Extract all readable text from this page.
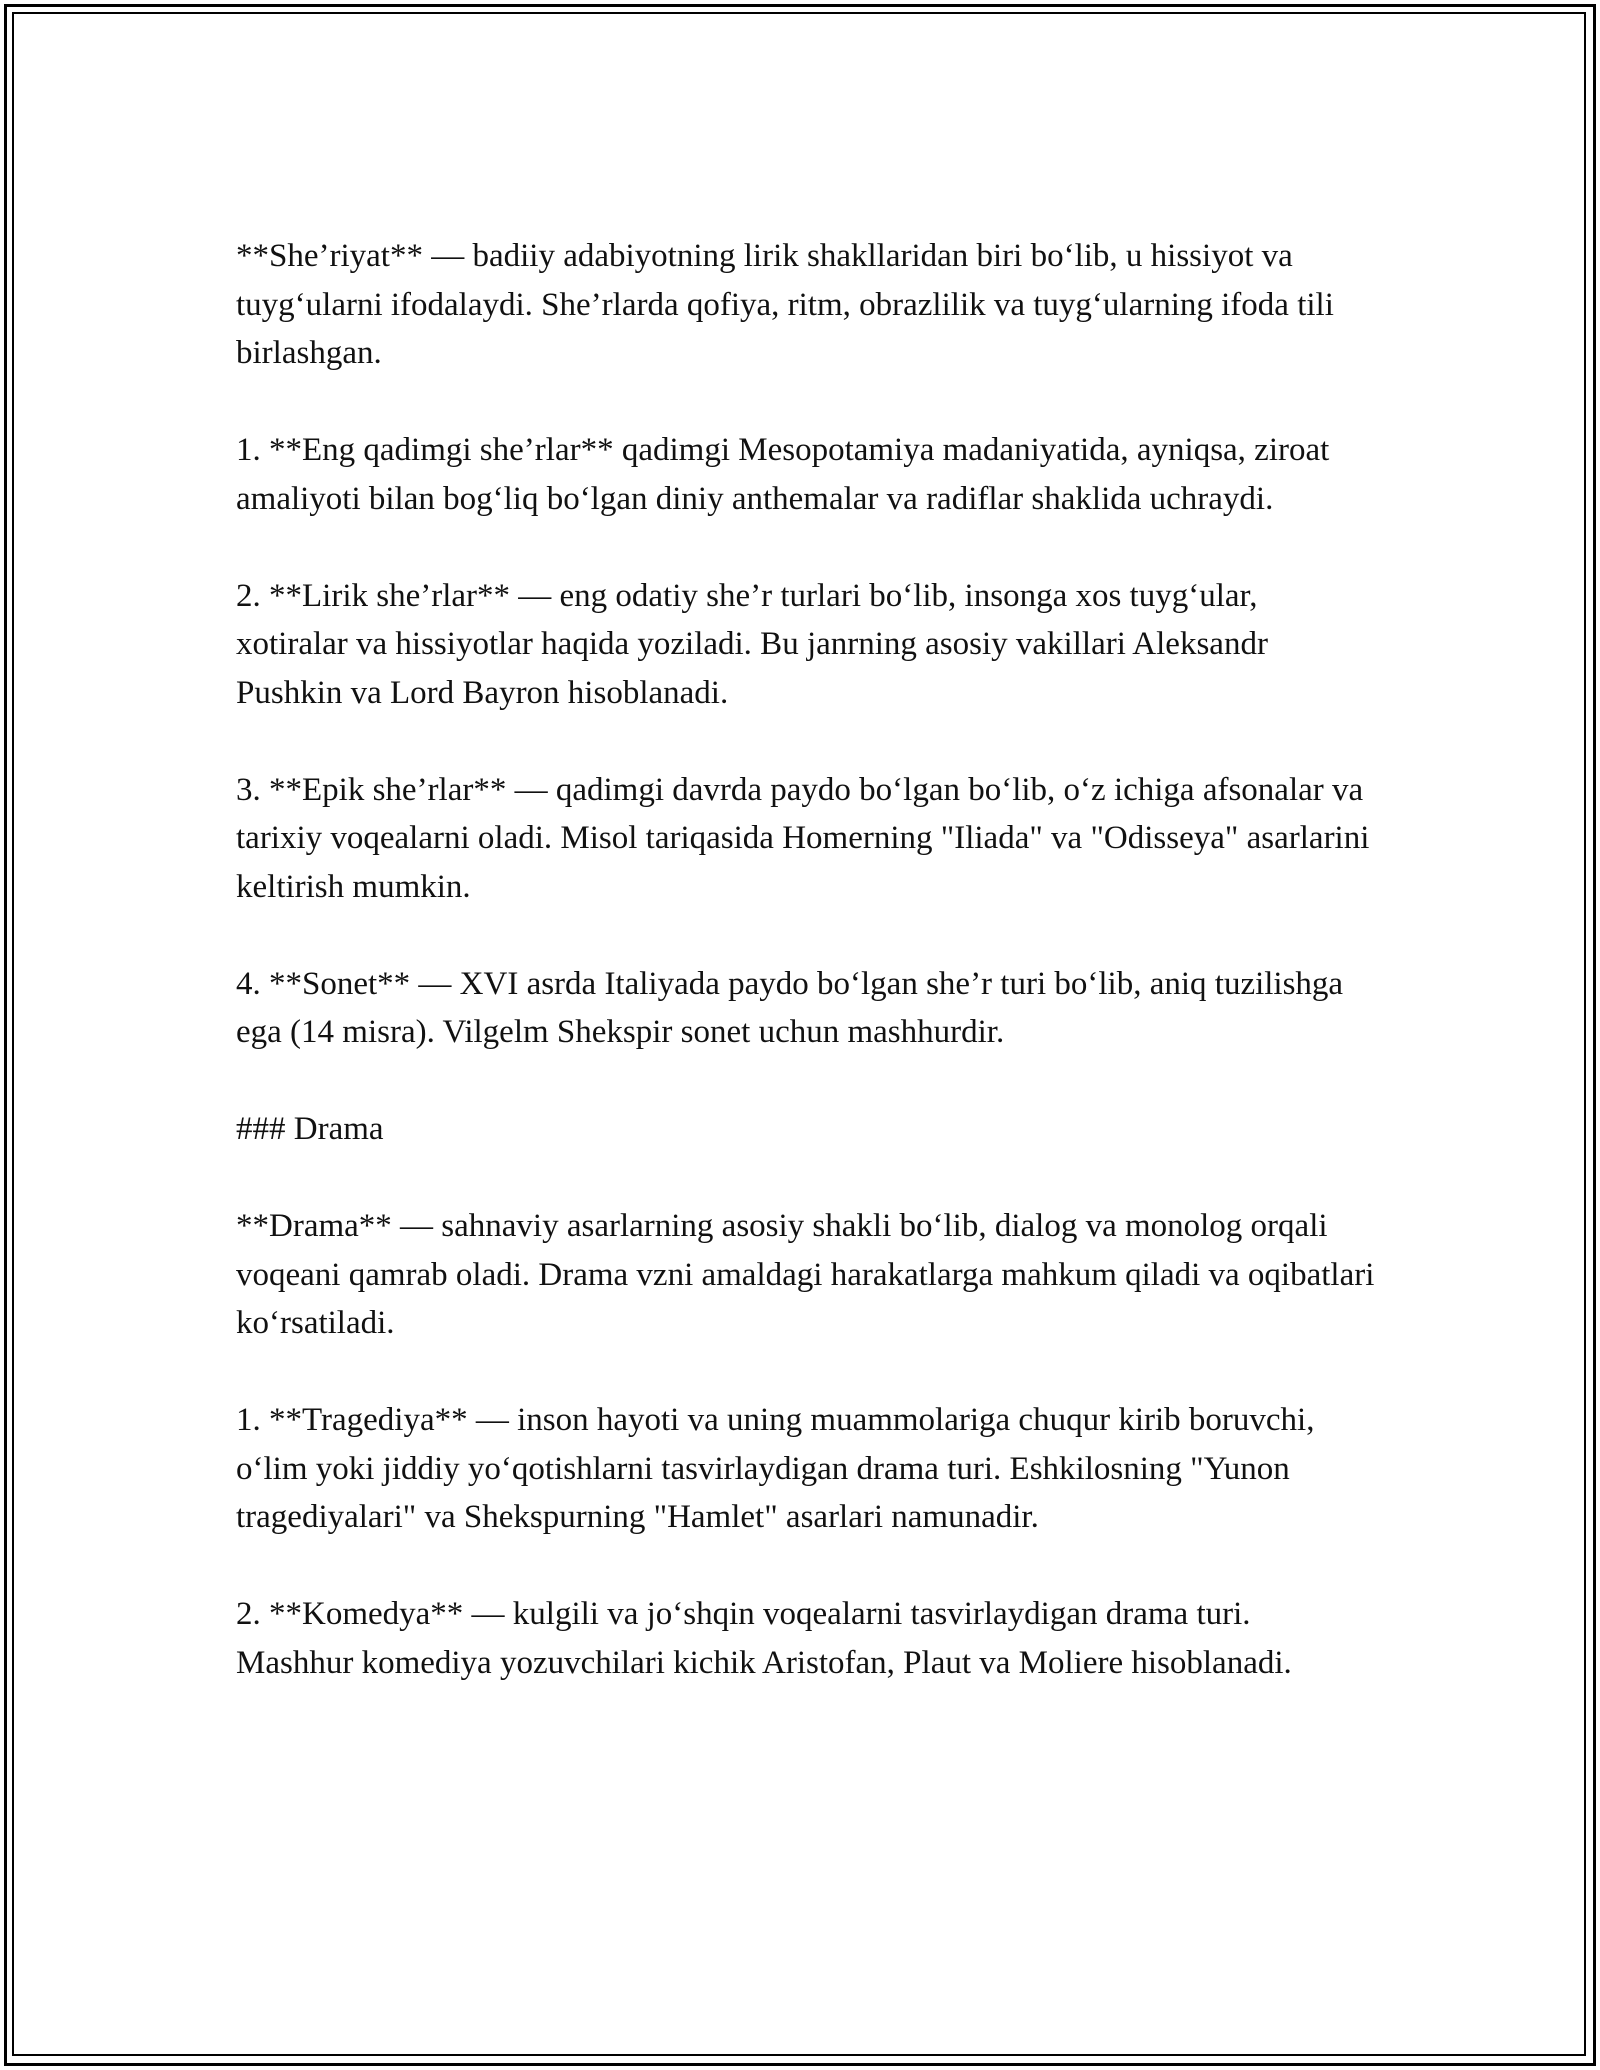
**She’riyat** — badiiy adabiyotning lirik shakllaridan biri bo‘lib, u hissiyot va tuyg‘ularni ifodalaydi. She’rlarda qofiya, ritm, obrazlilik va tuyg‘ularning ifoda tili birlashgan.

1. **Eng qadimgi she’rlar** qadimgi Mesopotamiya madaniyatida, ayniqsa, ziroat amaliyoti bilan bog‘liq bo‘lgan diniy anthemalar va radiflar shaklida uchraydi.

2. **Lirik she’rlar** — eng odatiy she’r turlari bo‘lib, insonga xos tuyg‘ular, xotiralar va hissiyotlar haqida yoziladi. Bu janrning asosiy vakillari Aleksandr Pushkin va Lord Bayron hisoblanadi.

3. **Epik she’rlar** — qadimgi davrda paydo bo‘lgan bo‘lib, o‘z ichiga afsonalar va tarixiy voqealarni oladi. Misol tariqasida Homerning "Iliada" va "Odisseya" asarlarini keltirish mumkin.

4. **Sonet** — XVI asrda Italiyada paydo bo‘lgan she’r turi bo‘lib, aniq tuzilishga ega (14 misra). Vilgelm Shekspir sonet uchun mashhurdir.

### Drama

**Drama** — sahnaviy asarlarning asosiy shakli bo‘lib, dialog va monolog orqali voqeani qamrab oladi. Drama vzni amaldagi harakatlarga mahkum qiladi va oqibatlari ko‘rsatiladi.

1. **Tragediya** — inson hayoti va uning muammolariga chuqur kirib boruvchi, o‘lim yoki jiddiy yo‘qotishlarni tasvirlaydigan drama turi. Eshkilosning "Yunon tragediyalari" va Shekspurning "Hamlet" asarlari namunadir.

2. **Komedya** — kulgili va jo‘shqin voqealarni tasvirlaydigan drama turi. Mashhur komediya yozuvchilari kichik Aristofan, Plaut va Moliere hisoblanadi.
